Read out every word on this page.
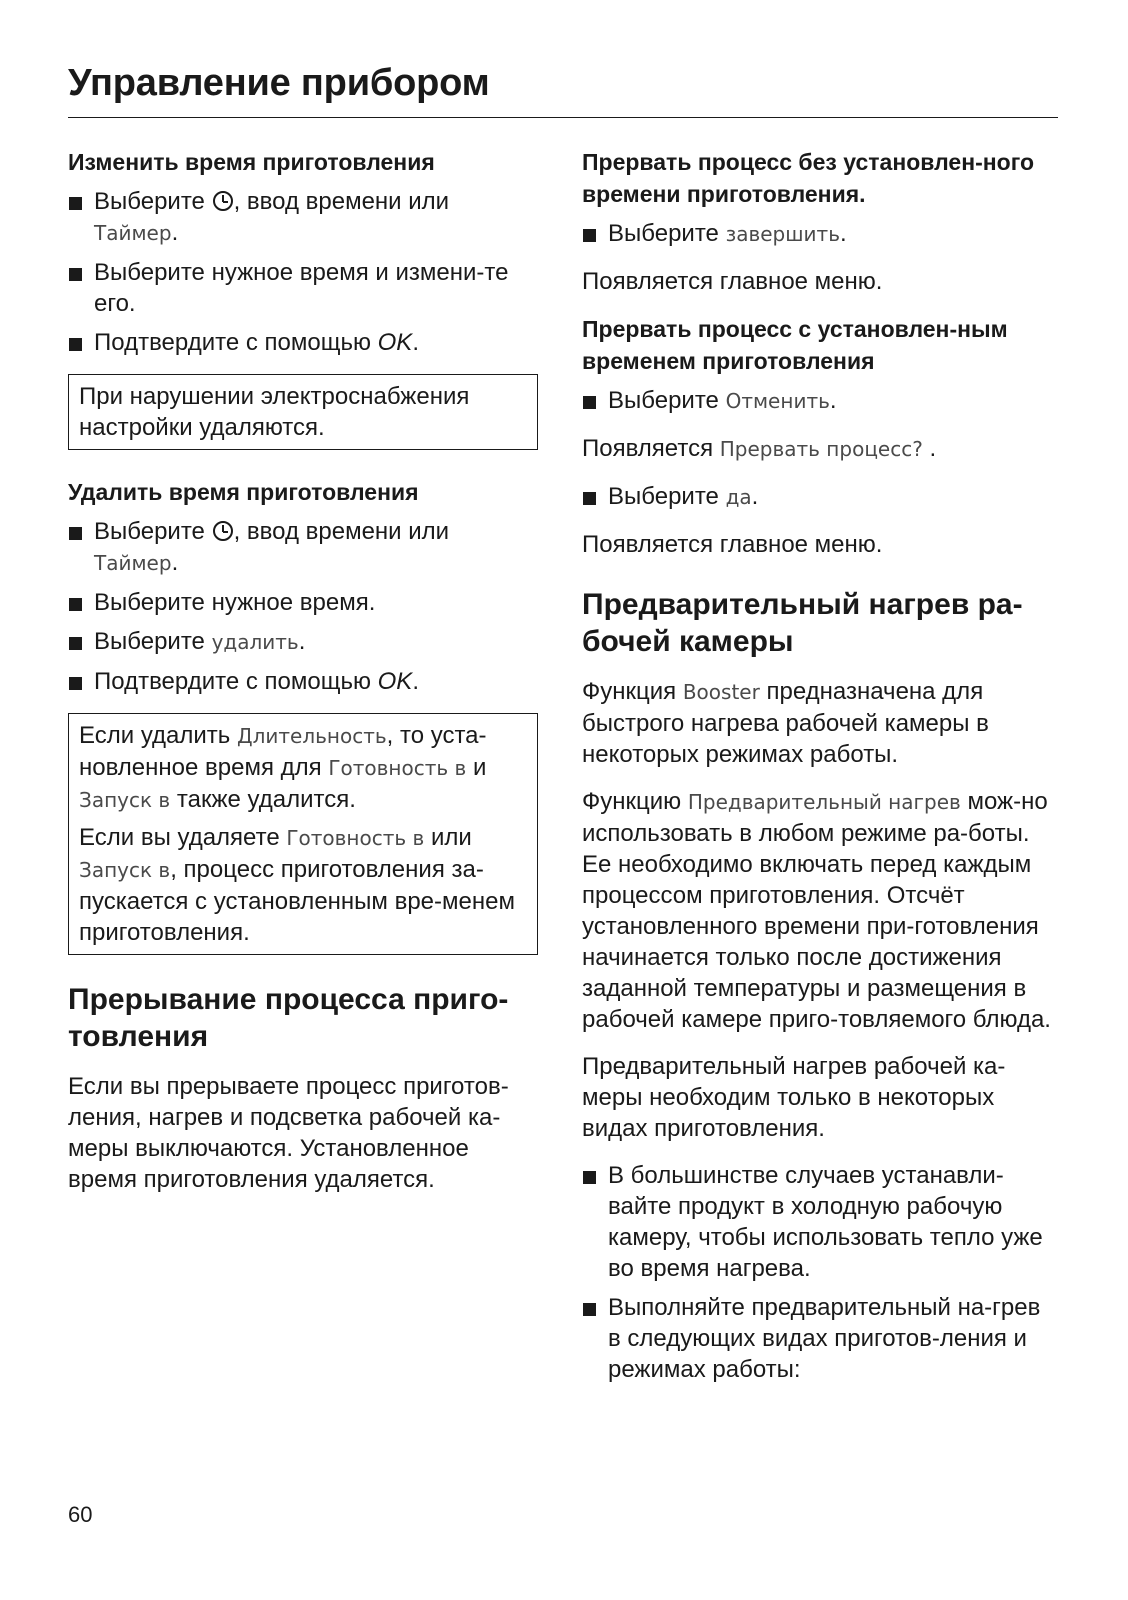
Управление прибором
Изменить время приготовления
Выберите , ввод времени или Таймер.
Выберите нужное время и измени-те его.
Подтвердите с помощью OK.

При нарушении электроснабжения настройки удаляются.

Удалить время приготовления
Выберите , ввод времени или Таймер.
Выберите нужное время.
Выберите удалить.
Подтвердите с помощью OK.

Если удалить Длительность, то уста-новленное время для Готовность в и Запуск в также удалится.

Если вы удаляете Готовность в или Запуск в, процесс приготовления за-пускается с установленным вре-менем приготовления.

Прерывание процесса приго-товления

Если вы прерываете процесс приготов-ления, нагрев и подсветка рабочей ка-меры выключаются. Установленное время приготовления удаляется.

Прервать процесс без установлен-ного времени приготовления.
Выберите завершить.

Появляется главное меню.

Прервать процесс с установлен-ным временем приготовления
Выберите Отменить.

Появляется Прервать процесс? .

Выберите да.

Появляется главное меню.

Предварительный нагрев ра-бочей камеры

Функция Booster предназначена для быстрого нагрева рабочей камеры в некоторых режимах работы.

Функцию Предварительный нагрев мож-но использовать в любом режиме ра-боты. Ее необходимо включать перед каждым процессом приготовления. Отсчёт установленного времени при-готовления начинается только после достижения заданной температуры и размещения в рабочей камере приго-товляемого блюда.

Предварительный нагрев рабочей ка-меры необходим только в некоторых видах приготовления.

В большинстве случаев устанавли-вайте продукт в холодную рабочую камеру, чтобы использовать тепло уже во время нагрева.
Выполняйте предварительный на-грев в следующих видах приготов-ления и режимах работы:
60
